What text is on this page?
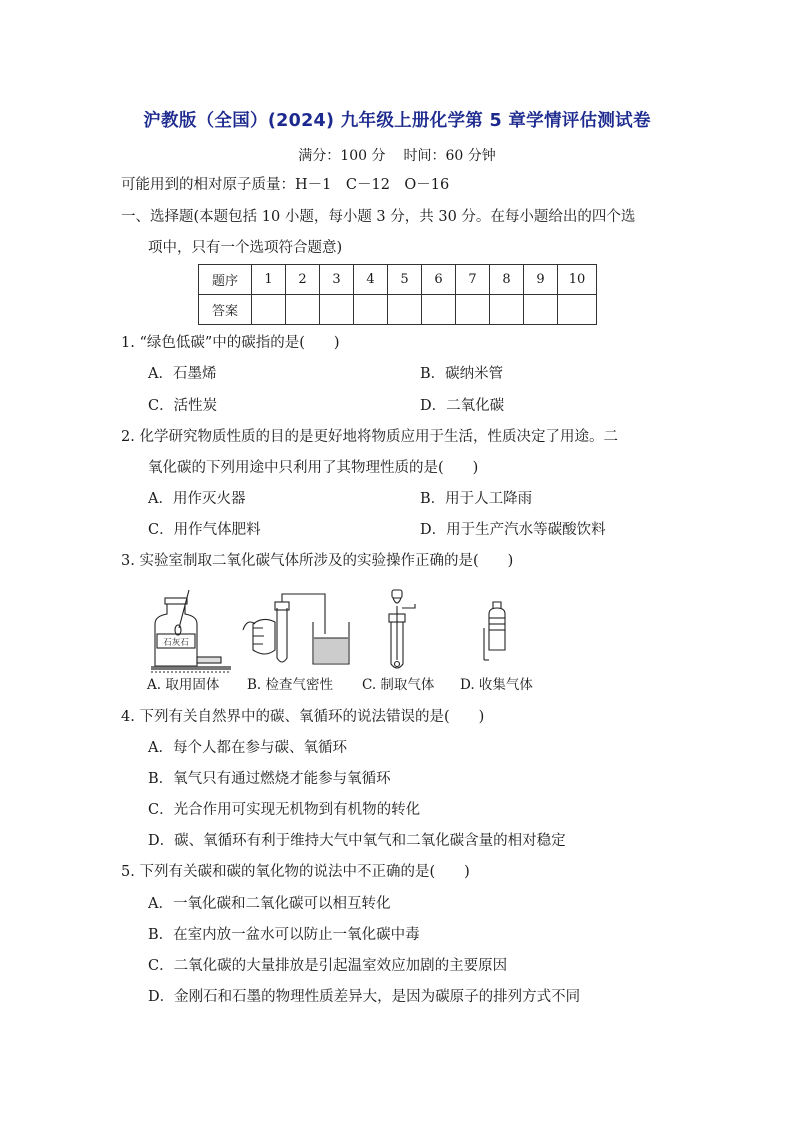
沪教版（全国）(2024) 九年级上册化学第 5 章学情评估测试卷
满分：100 分 时间：60 分钟
可能用到的相对原子质量：H－1　C－12　O－16
一、选择题(本题包括 10 小题，每小题 3 分，共 30 分。在每小题给出的四个选
项中，只有一个选项符合题意)
题序	1	2	3	4	5	6	7	8	9	10
答案										
1. “绿色低碳”中的碳指的是(　　)
A．石墨烯	B．碳纳米管
C．活性炭	D．二氧化碳
2. 化学研究物质性质的目的是更好地将物质应用于生活，性质决定了用途。二
氧化碳的下列用途中只利用了其物理性质的是(　　)
A．用作灭火器	B．用于人工降雨
C．用作气体肥料	D．用于生产汽水等碳酸饮料
3. 实验室制取二氧化碳气体所涉及的实验操作正确的是(　　)
石灰石
A. 取用固体 B. 检查气密性 C. 制取气体 D. 收集气体
4. 下列有关自然界中的碳、氧循环的说法错误的是(　　)
A．每个人都在参与碳、氧循环
B．氧气只有通过燃烧才能参与氧循环
C．光合作用可实现无机物到有机物的转化
D．碳、氧循环有利于维持大气中氧气和二氧化碳含量的相对稳定
5. 下列有关碳和碳的氧化物的说法中不正确的是(　　)
A．一氧化碳和二氧化碳可以相互转化
B．在室内放一盆水可以防止一氧化碳中毒
C．二氧化碳的大量排放是引起温室效应加剧的主要原因
D．金刚石和石墨的物理性质差异大，是因为碳原子的排列方式不同
